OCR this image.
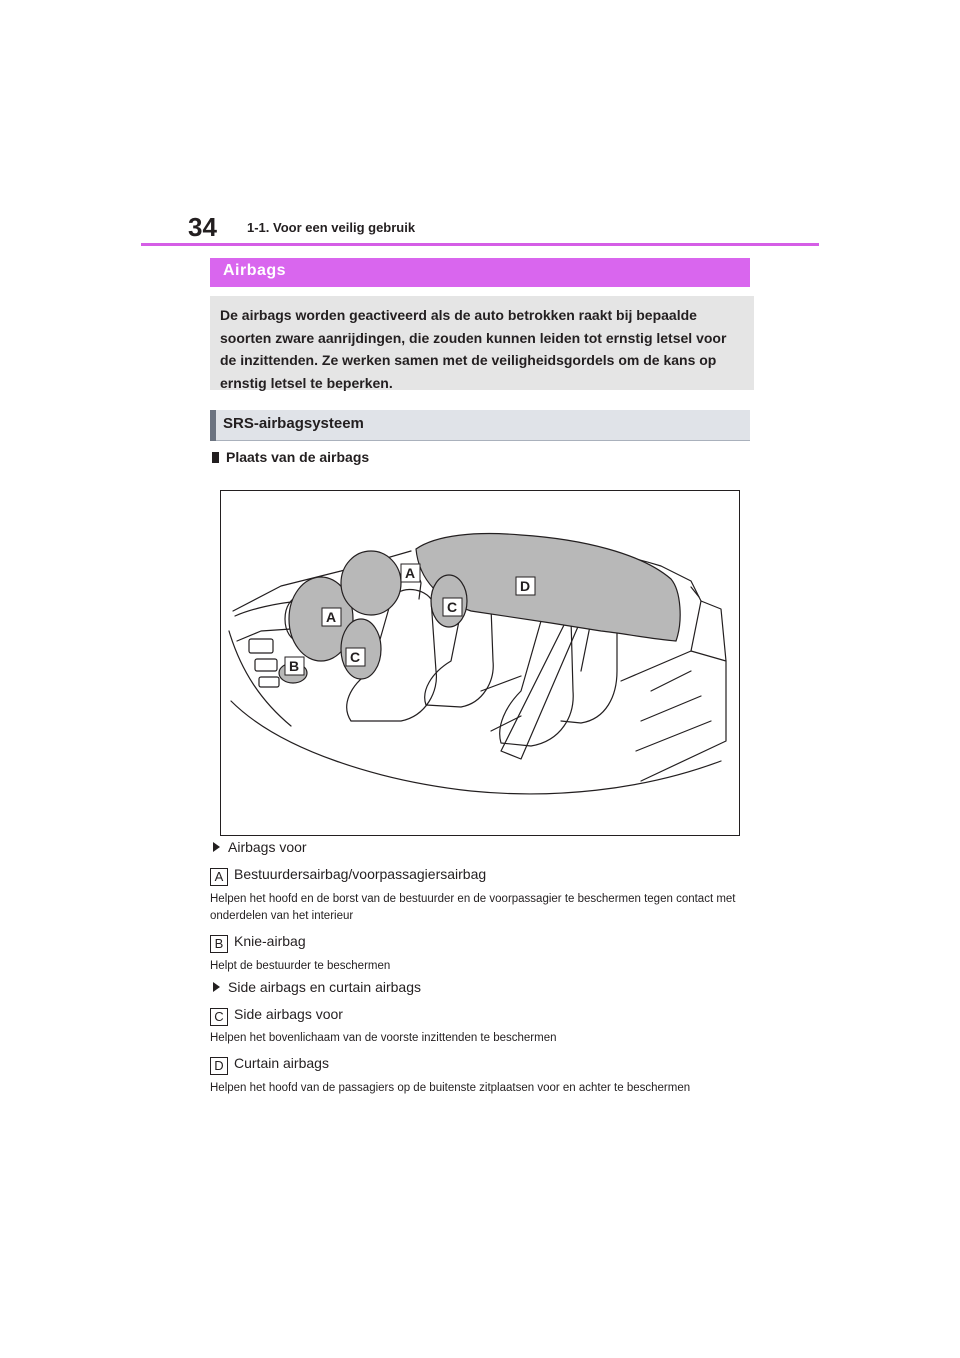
34 1-1. Voor een veilig gebruik
Airbags

De airbags worden geactiveerd als de auto betrokken raakt bij bepaalde soorten zware aanrijdingen, die zouden kunnen leiden tot ernstig letsel voor de inzittenden. Ze werken samen met de veiligheidsgordels om de kans op ernstig letsel te beperken.

SRS-airbagsysteem
Plaats van de airbags
A
A
B
C
C
D
Airbags voor
A Bestuurdersairbag/voorpassagiersairbag
Helpen het hoofd en de borst van de bestuurder en de voorpassagier te beschermen tegen contact met onderdelen van het interieur
B Knie-airbag
Helpt de bestuurder te beschermen
Side airbags en curtain airbags
C Side airbags voor
Helpen het bovenlichaam van de voorste inzittenden te beschermen
D Curtain airbags
Helpen het hoofd van de passagiers op de buitenste zitplaatsen voor en achter te beschermen
